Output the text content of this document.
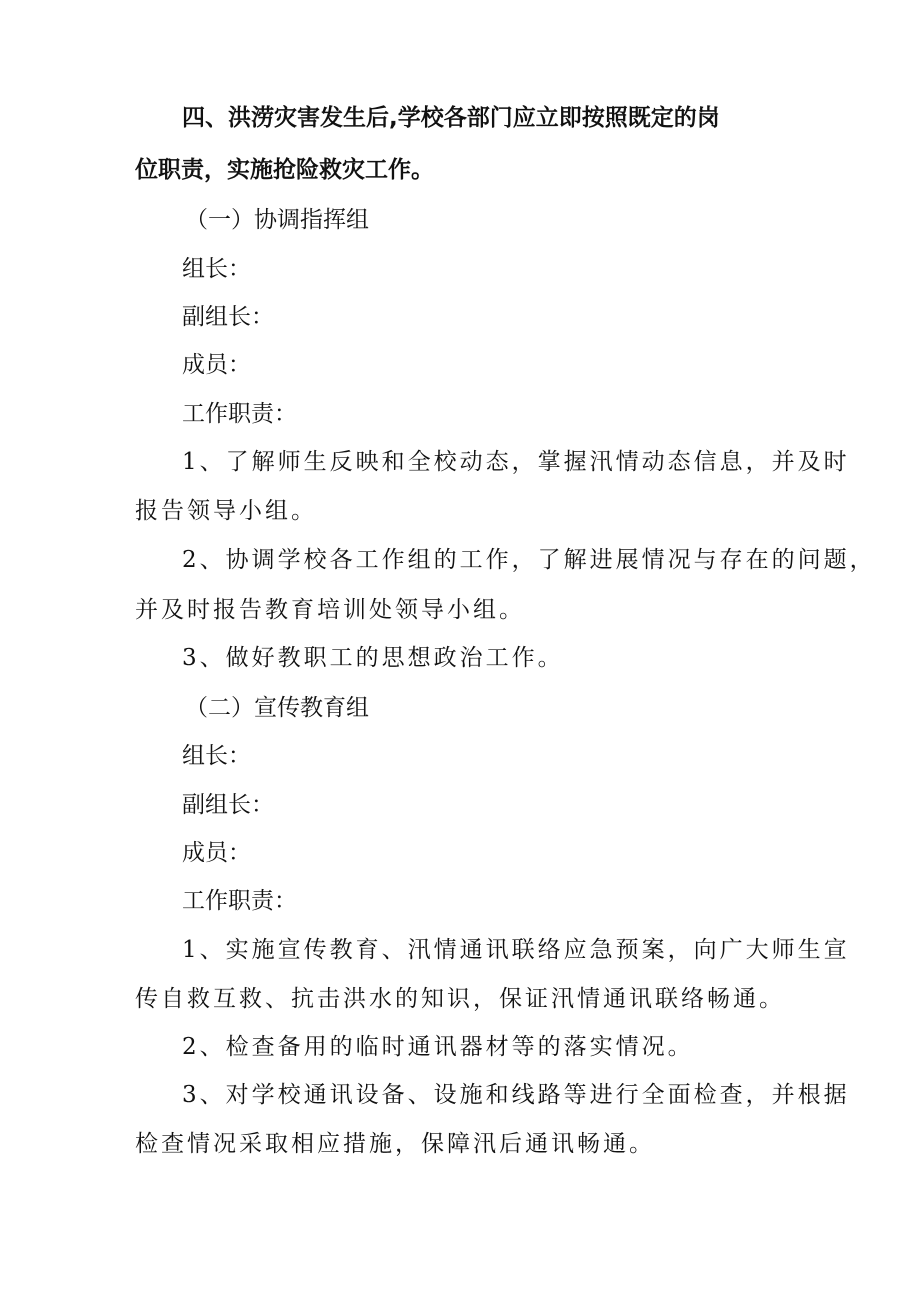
四、洪涝灾害发生后,学校各部门应立即按照既定的岗
位职责，实施抢险救灾工作。
（一）协调指挥组
组长：
副组长：
成员：
工作职责：
1、了解师生反映和全校动态，掌握汛情动态信息，并及时
报告领导小组。
2、协调学校各工作组的工作，了解进展情况与存在的问题，
并及时报告教育培训处领导小组。
3、做好教职工的思想政治工作。
（二）宣传教育组
组长：
副组长：
成员：
工作职责：
1、实施宣传教育、汛情通讯联络应急预案，向广大师生宣
传自救互救、抗击洪水的知识，保证汛情通讯联络畅通。
2、检查备用的临时通讯器材等的落实情况。
3、对学校通讯设备、设施和线路等进行全面检查，并根据
检查情况采取相应措施，保障汛后通讯畅通。
